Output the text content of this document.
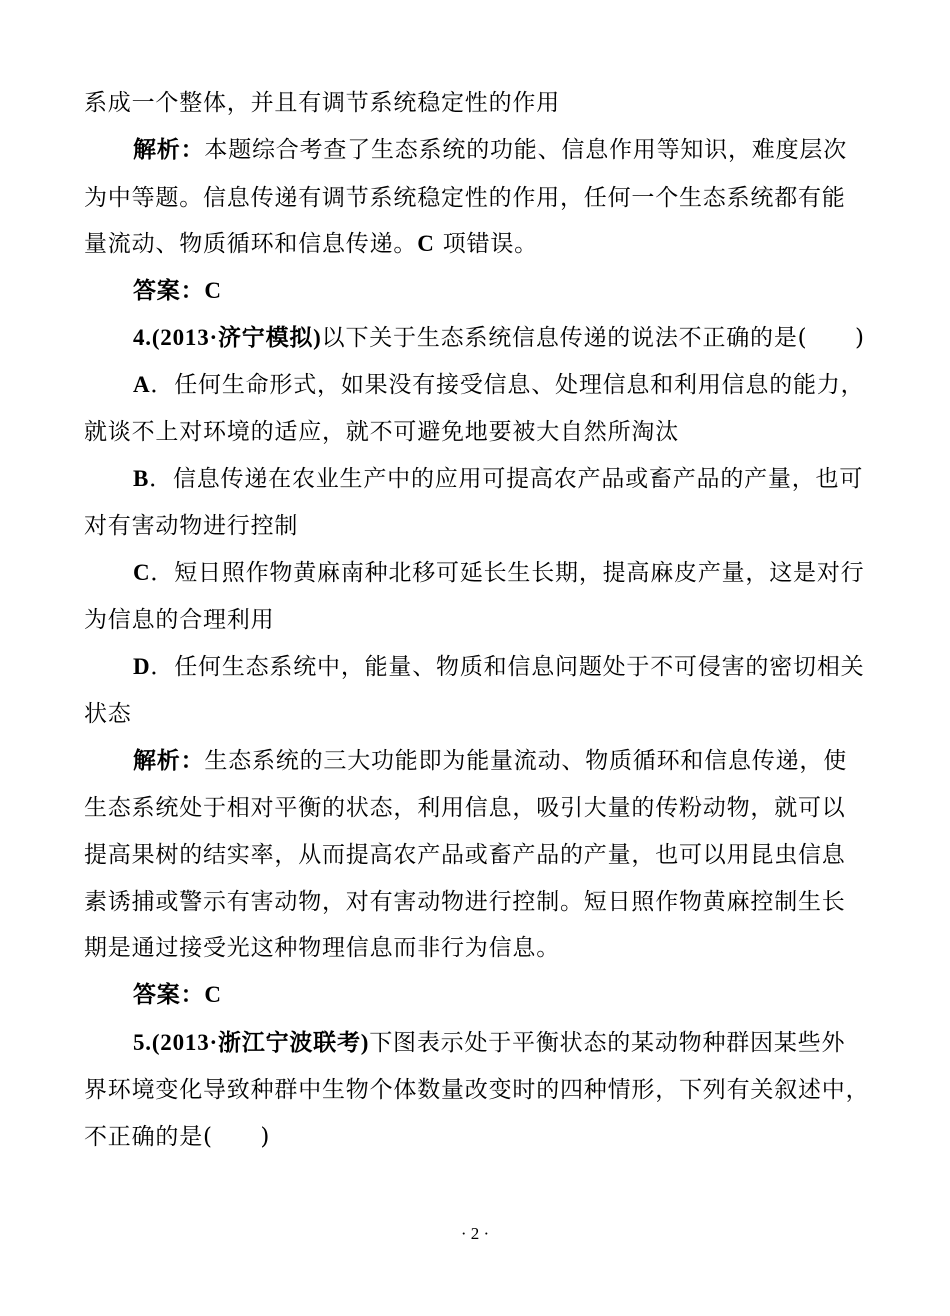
系成一个整体，并且有调节系统稳定性的作用
解析：本题综合考查了生态系统的功能、信息作用等知识，难度层次
为中等题。信息传递有调节系统稳定性的作用，任何一个生态系统都有能
量流动、物质循环和信息传递。C 项错误。
答案：C
4.(2013·济宁模拟)以下关于生态系统信息传递的说法不正确的是(　　)
A．任何生命形式，如果没有接受信息、处理信息和利用信息的能力，
就谈不上对环境的适应，就不可避免地要被大自然所淘汰
B．信息传递在农业生产中的应用可提高农产品或畜产品的产量，也可
对有害动物进行控制
C．短日照作物黄麻南种北移可延长生长期，提高麻皮产量，这是对行
为信息的合理利用
D．任何生态系统中，能量、物质和信息问题处于不可侵害的密切相关
状态
解析：生态系统的三大功能即为能量流动、物质循环和信息传递，使
生态系统处于相对平衡的状态，利用信息，吸引大量的传粉动物，就可以
提高果树的结实率，从而提高农产品或畜产品的产量，也可以用昆虫信息
素诱捕或警示有害动物，对有害动物进行控制。短日照作物黄麻控制生长
期是通过接受光这种物理信息而非行为信息。
答案：C
5.(2013·浙江宁波联考)下图表示处于平衡状态的某动物种群因某些外
界环境变化导致种群中生物个体数量改变时的四种情形，下列有关叙述中，
不正确的是(　　)
· 2 ·
